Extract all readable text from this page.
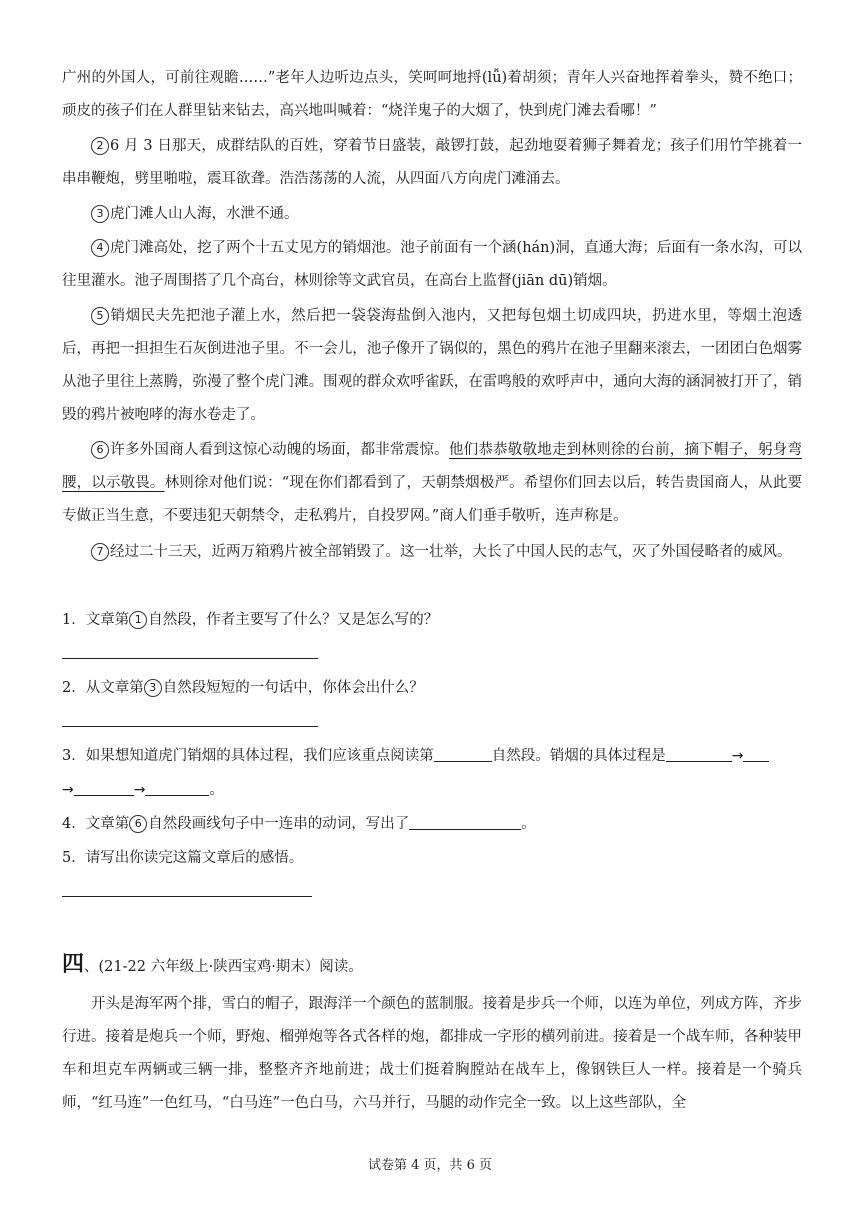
广州的外国人，可前往观瞻……”老年人边听边点头，笑呵呵地捋(lǚ)着胡须；青年人兴奋地挥着拳头，赞不绝口；顽皮的孩子们在人群里钻来钻去，高兴地叫喊着：“烧洋鬼子的大烟了，快到虎门滩去看哪！”

2 6 月 3 日那天，成群结队的百姓，穿着节日盛装，敲锣打鼓，起劲地耍着狮子舞着龙；孩子们用竹竿挑着一串串鞭炮，劈里啪啦，震耳欲聋。浩浩荡荡的人流，从四面八方向虎门滩涌去。

3 虎门滩人山人海，水泄不通。

4 虎门滩高处，挖了两个十五丈见方的销烟池。池子前面有一个涵(hán)洞，直通大海；后面有一条水沟，可以往里灌水。池子周围搭了几个高台，林则徐等文武官员，在高台上监督(jiān dū)销烟。

5 销烟民夫先把池子灌上水，然后把一袋袋海盐倒入池内，又把每包烟土切成四块，扔进水里，等烟土泡透后，再把一担担生石灰倒进池子里。不一会儿，池子像开了锅似的，黑色的鸦片在池子里翻来滚去，一团团白色烟雾从池子里往上蒸腾，弥漫了整个虎门滩。围观的群众欢呼雀跃，在雷鸣般的欢呼声中，通向大海的涵洞被打开了，销毁的鸦片被咆哮的海水卷走了。

6 许多外国商人看到这惊心动魄的场面，都非常震惊。他们恭恭敬敬地走到林则徐的台前，摘下帽子，躬身弯腰，以示敬畏。林则徐对他们说：“现在你们都看到了，天朝禁烟极严。希望你们回去以后，转告贵国商人，从此要专做正当生意，不要违犯天朝禁令，走私鸦片，自投罗网。”商人们垂手敬听，连声称是。

7 经过二十三天，近两万箱鸦片被全部销毁了。这一壮举，大长了中国人民的志气，灭了外国侵略者的威风。

1．文章第 1 自然段，作者主要写了什么？又是怎么写的？

2．从文章第 3 自然段短短的一句话中，你体会出什么？

3．如果想知道虎门销烟的具体过程，我们应该重点阅读第	自然段。销烟的具体过程是	→

→	→	。

4．文章第 6 自然段画线句子中一连串的动词，写出了	。

5．请写出你读完这篇文章后的感悟。

四、(21-22 六年级上·陕西宝鸡·期末）阅读。

开头是海军两个排，雪白的帽子，跟海洋一个颜色的蓝制服。接着是步兵一个师，以连为单位，列成方阵，齐步行进。接着是炮兵一个师，野炮、榴弹炮等各式各样的炮，都排成一字形的横列前进。接着是一个战车师，各种装甲车和坦克车两辆或三辆一排，整整齐齐地前进；战士们挺着胸膛站在战车上，像钢铁巨人一样。接着是一个骑兵师，“红马连”一色红马，“白马连”一色白马，六马并行，马腿的动作完全一致。以上这些部队，全

试卷第 4 页，共 6 页
